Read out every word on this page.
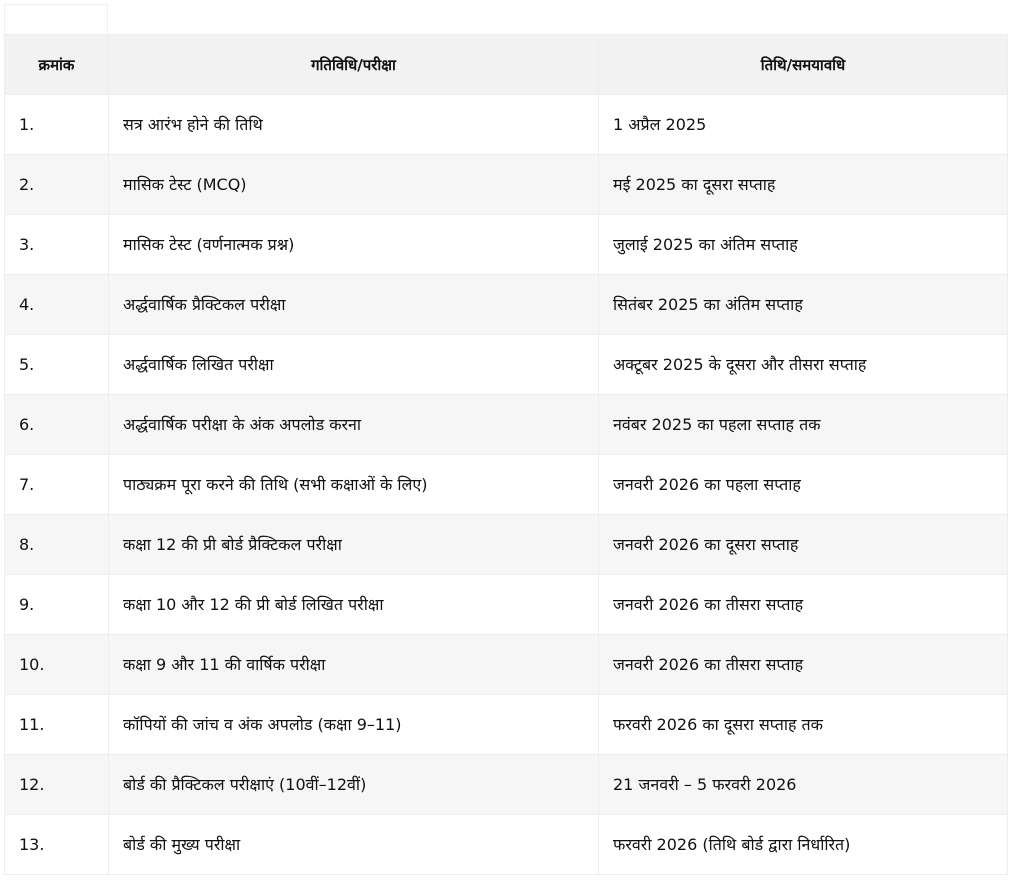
क्रमांक	गतिविधि/परीक्षा	तिथि/समयावधि
1.	सत्र आरंभ होने की तिथि	1 अप्रैल 2025
2.	मासिक टेस्ट (MCQ)	मई 2025 का दूसरा सप्ताह
3.	मासिक टेस्ट (वर्णनात्मक प्रश्न)	जुलाई 2025 का अंतिम सप्ताह
4.	अर्द्धवार्षिक प्रैक्टिकल परीक्षा	सितंबर 2025 का अंतिम सप्ताह
5.	अर्द्धवार्षिक लिखित परीक्षा	अक्टूबर 2025 के दूसरा और तीसरा सप्ताह
6.	अर्द्धवार्षिक परीक्षा के अंक अपलोड करना	नवंबर 2025 का पहला सप्ताह तक
7.	पाठ्यक्रम पूरा करने की तिथि (सभी कक्षाओं के लिए)	जनवरी 2026 का पहला सप्ताह
8.	कक्षा 12 की प्री बोर्ड प्रैक्टिकल परीक्षा	जनवरी 2026 का दूसरा सप्ताह
9.	कक्षा 10 और 12 की प्री बोर्ड लिखित परीक्षा	जनवरी 2026 का तीसरा सप्ताह
10.	कक्षा 9 और 11 की वार्षिक परीक्षा	जनवरी 2026 का तीसरा सप्ताह
11.	कॉपियों की जांच व अंक अपलोड (कक्षा 9–11)	फरवरी 2026 का दूसरा सप्ताह तक
12.	बोर्ड की प्रैक्टिकल परीक्षाएं (10वीं–12वीं)	21 जनवरी – 5 फरवरी 2026
13.	बोर्ड की मुख्य परीक्षा	फरवरी 2026 (तिथि बोर्ड द्वारा निर्धारित)
